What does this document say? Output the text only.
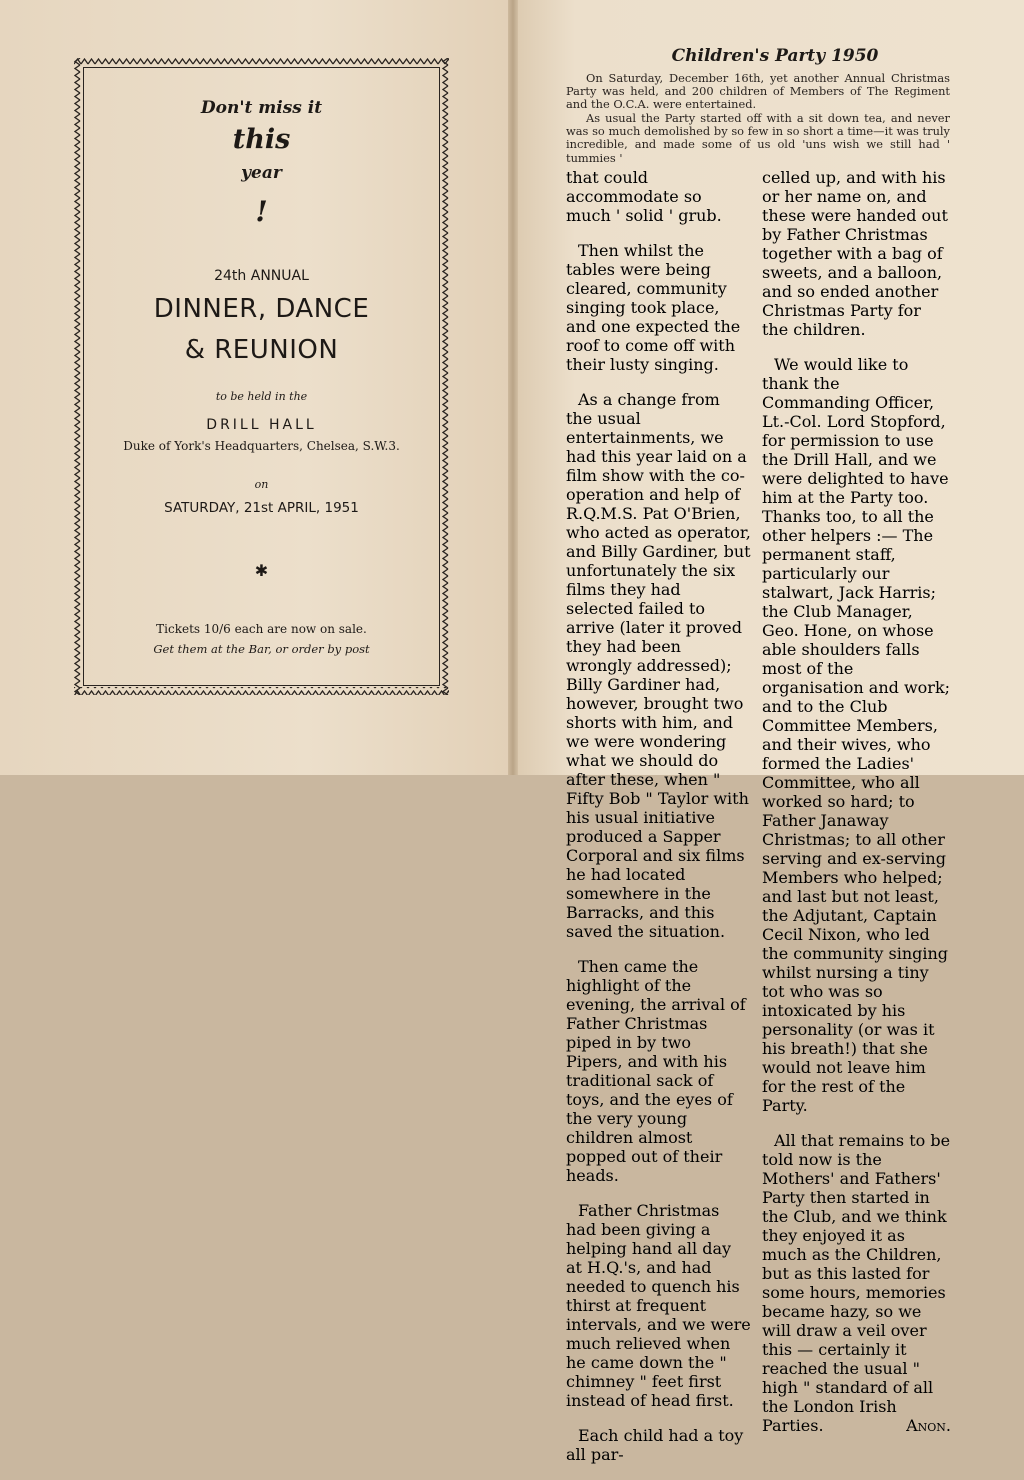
Don't miss it
this
year
!
24th ANNUAL
DINNER, DANCE
& REUNION
to be held in the
DRILL HALL
Duke of York's Headquarters, Chelsea, S.W.3.
on
SATURDAY, 21st APRIL, 1951
✱
Tickets 10/6 each are now on sale.
Get them at the Bar, or order by post
Children's Party 1950

On Saturday, December 16th, yet another Annual Christmas Party was held, and 200 children of Members of The Regiment and the O.C.A. were entertained.

As usual the Party started off with a sit down tea, and never was so much demolished by so few in so short a time—it was truly incredible, and made some of us old 'uns wish we still had ' tummies '

that could accommodate so much ' solid ' grub.

Then whilst the tables were being cleared, community singing took place, and one expected the roof to come off with their lusty singing.

As a change from the usual entertainments, we had this year laid on a film show with the co-operation and help of R.Q.M.S. Pat O'Brien, who acted as operator, and Billy Gardiner, but unfortunately the six films they had selected failed to arrive (later it proved they had been wrongly addressed); Billy Gardiner had, however, brought two shorts with him, and we were wondering what we should do after these, when " Fifty Bob " Taylor with his usual initiative produced a Sapper Corporal and six films he had located somewhere in the Barracks, and this saved the situation.

Then came the highlight of the evening, the arrival of Father Christmas piped in by two Pipers, and with his traditional sack of toys, and the eyes of the very young children almost popped out of their heads.

Father Christmas had been giving a helping hand all day at H.Q.'s, and had needed to quench his thirst at frequent intervals, and we were much relieved when he came down the " chimney " feet first instead of head first.

Each child had a toy all par-

celled up, and with his or her name on, and these were handed out by Father Christmas together with a bag of sweets, and a balloon, and so ended another Christmas Party for the children.

We would like to thank the Commanding Officer, Lt.-Col. Lord Stopford, for permission to use the Drill Hall, and we were delighted to have him at the Party too. Thanks too, to all the other helpers :— The permanent staff, particularly our stalwart, Jack Harris; the Club Manager, Geo. Hone, on whose able shoulders falls most of the organisation and work; and to the Club Committee Members, and their wives, who formed the Ladies' Committee, who all worked so hard; to Father Janaway Christmas; to all other serving and ex-serving Members who helped; and last but not least, the Adjutant, Captain Cecil Nixon, who led the community singing whilst nursing a tiny tot who was so intoxicated by his personality (or was it his breath!) that she would not leave him for the rest of the Party.

All that remains to be told now is the Mothers' and Fathers' Party then started in the Club, and we think they enjoyed it as much as the Children, but as this lasted for some hours, memories became hazy, so we will draw a veil over this — certainly it reached the usual " high " standard of all the London Irish Parties.	Anon.
